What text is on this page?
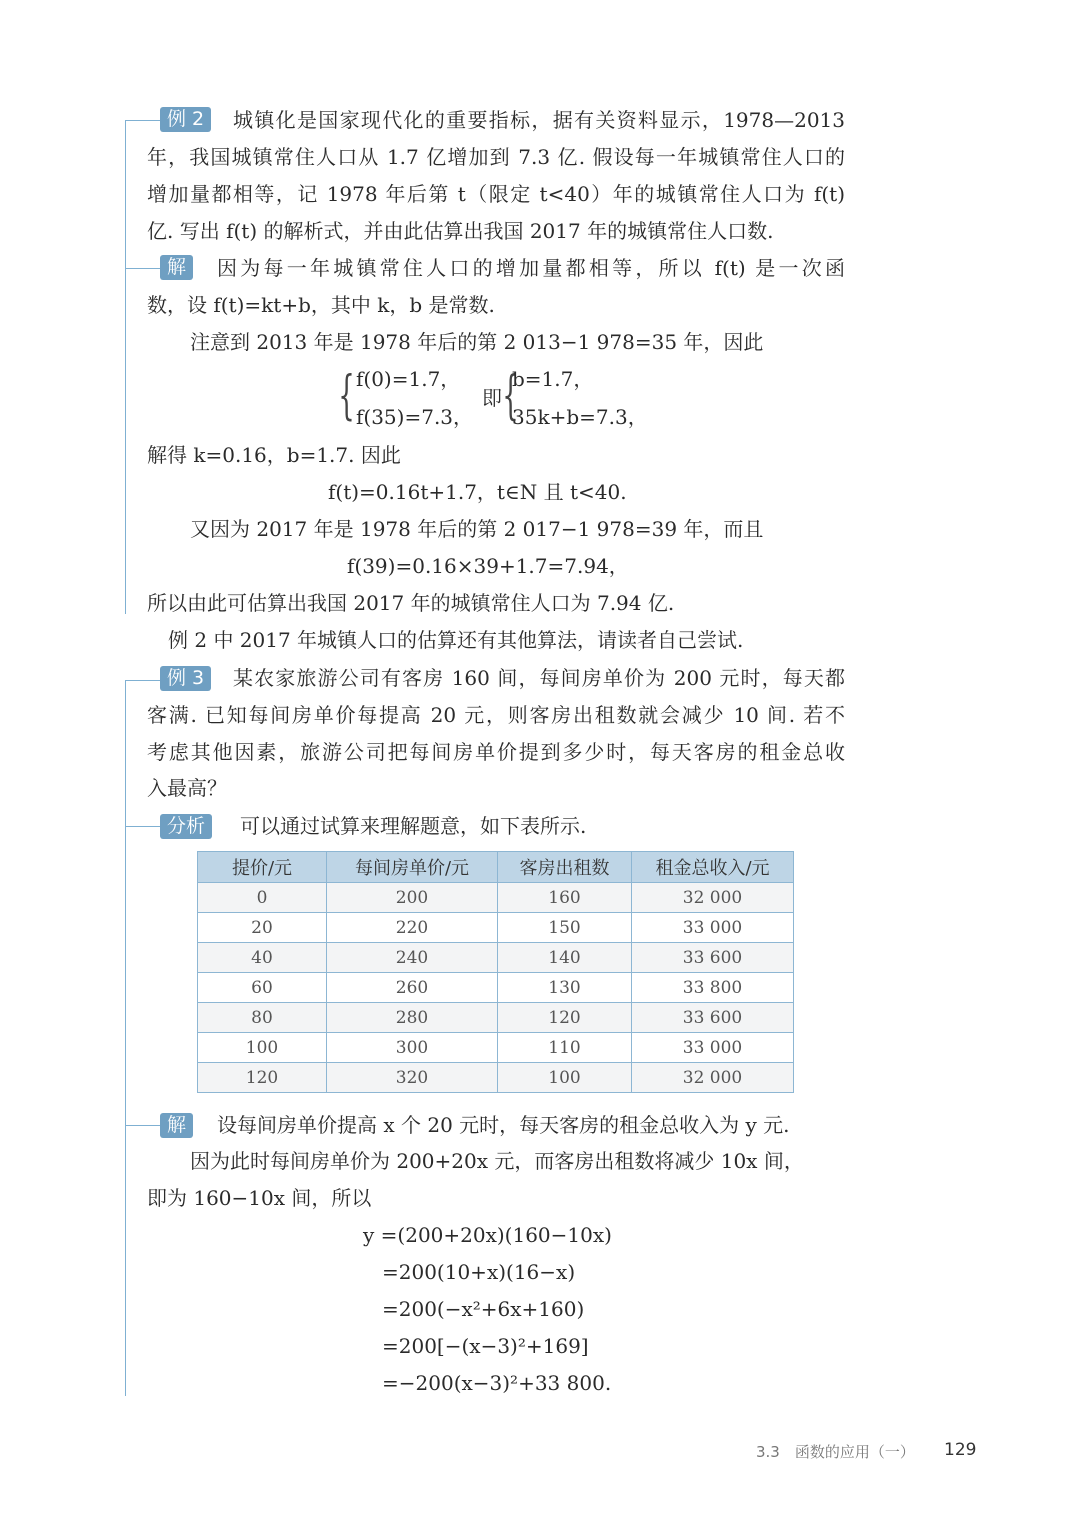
例 2	城镇化是国家现代化的重要指标，据有关资料显示，1978—2013
年，我国城镇常住人口从 1.7 亿增加到 7.3 亿. 假设每一年城镇常住人口的
增加量都相等，记 1978 年后第 t（限定 t<40）年的城镇常住人口为 f(t)
亿. 写出 f(t) 的解析式，并由此估算出我国 2017 年的城镇常住人口数.
解	因为每一年城镇常住人口的增加量都相等，所以 f(t) 是一次函
数，设 f(t)=kt+b，其中 k，b 是常数.
注意到 2013 年是 1978 年后的第 2 013−1 978=35 年，因此
{ f(0)=1.7，
f(35)=7.3，
即 {
b=1.7，
35k+b=7.3，
解得 k=0.16，b=1.7. 因此
f(t)=0.16t+1.7，t∈N 且 t<40.
又因为 2017 年是 1978 年后的第 2 017−1 978=39 年，而且
f(39)=0.16×39+1.7=7.94，
所以由此可估算出我国 2017 年的城镇常住人口为 7.94 亿.
例 2 中 2017 年城镇人口的估算还有其他算法，请读者自己尝试.
例 3	某农家旅游公司有客房 160 间，每间房单价为 200 元时，每天都
客满. 已知每间房单价每提高 20 元，则客房出租数就会减少 10 间. 若不
考虑其他因素，旅游公司把每间房单价提到多少时，每天客房的租金总收
入最高？
分析	可以通过试算来理解题意，如下表所示.
提价/元	每间房单价/元	客房出租数	租金总收入/元
0	200	160	32 000
20	220	150	33 000
40	240	140	33 600
60	260	130	33 800
80	280	120	33 600
100	300	110	33 000
120	320	100	32 000
解	设每间房单价提高 x 个 20 元时，每天客房的租金总收入为 y 元.
因为此时每间房单价为 200+20x 元，而客房出租数将减少 10x 间，
即为 160−10x 间，所以
y =(200+20x)(160−10x)
=200(10+x)(16−x)
=200(−x²+6x+160)
=200[−(x−3)²+169]
=−200(x−3)²+33 800.
3.3　函数的应用（一） 129
